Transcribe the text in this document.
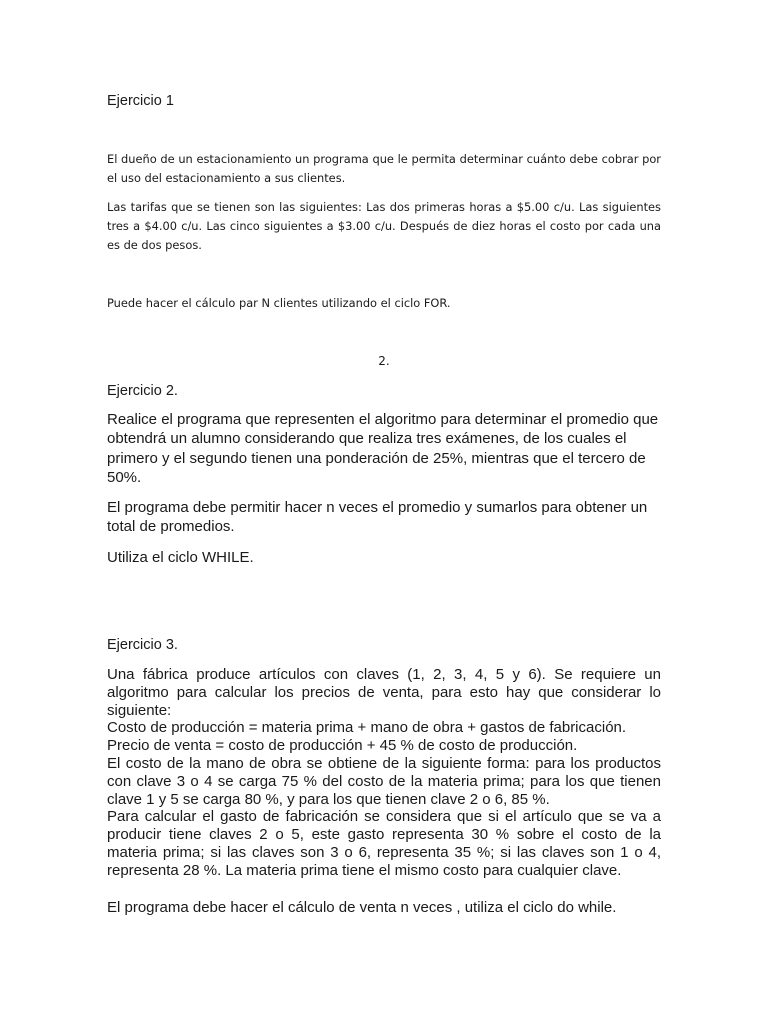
Ejercicio 1

El dueño de un estacionamiento un programa que le permita determinar cuánto debe cobrar por el uso del estacionamiento a sus clientes.

Las tarifas que se tienen son las siguientes: Las dos primeras horas a $5.00 c/u. Las siguientes tres a $4.00 c/u. Las cinco siguientes a $3.00 c/u. Después de diez horas el costo por cada una es de dos pesos.

Puede hacer el cálculo par N clientes utilizando el ciclo FOR.

2.

Ejercicio 2.

Realice el programa que representen el algoritmo para determinar el promedio que obtendrá un alumno considerando que realiza tres exámenes, de los cuales el primero y el segundo tienen una ponderación de 25%, mientras que el tercero de 50%.

El programa debe permitir hacer n veces el promedio y sumarlos para obtener un total de promedios.

Utiliza el ciclo WHILE.

Ejercicio 3.

Una fábrica produce artículos con claves (1, 2, 3, 4, 5 y 6). Se requiere un algoritmo para calcular los precios de venta, para esto hay que considerar lo siguiente:
Costo de producción = materia prima + mano de obra + gastos de fabricación.
Precio de venta = costo de producción + 45 % de costo de producción.
El costo de la mano de obra se obtiene de la siguiente forma: para los productos con clave 3 o 4 se carga 75 % del costo de la materia prima; para los que tienen clave 1 y 5 se carga 80 %, y para los que tienen clave 2 o 6, 85 %.
Para calcular el gasto de fabricación se considera que si el artículo que se va a producir tiene claves 2 o 5, este gasto representa 30 % sobre el costo de la materia prima; si las claves son 3 o 6, representa 35 %; si las claves son 1 o 4, representa 28 %. La materia prima tiene el mismo costo para cualquier clave.

El programa debe hacer el cálculo de venta n veces , utiliza el ciclo do while.
